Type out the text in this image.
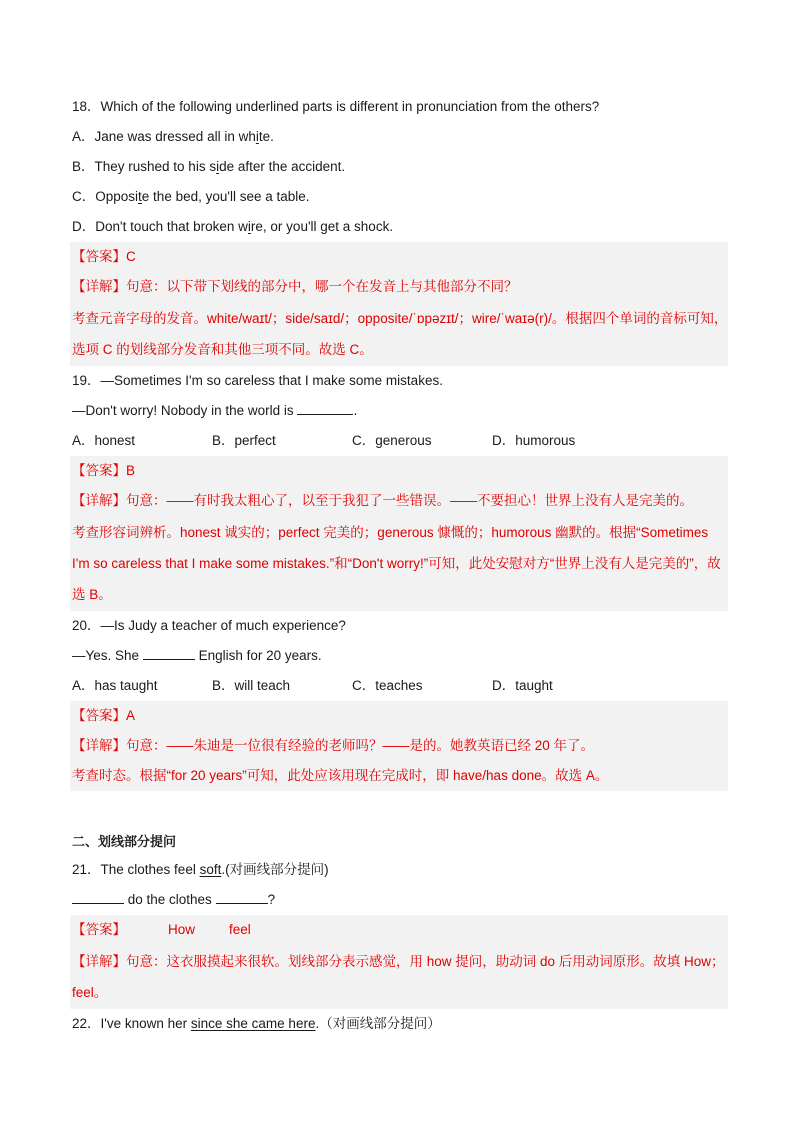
18．Which of the following underlined parts is different in pronunciation from the others?
A．Jane was dressed all in white.
B．They rushed to his side after the accident.
C．Opposite the bed, you'll see a table.
D．Don't touch that broken wire, or you'll get a shock.
【答案】C
【详解】句意：以下带下划线的部分中，哪一个在发音上与其他部分不同？
考查元音字母的发音。white/waɪt/；side/saɪd/；opposite/ˈɒpəzɪt/；wire/ˈwaɪə(r)/。根据四个单词的音标可知，选项 C 的划线部分发音和其他三项不同。故选 C。
19．—Sometimes I'm so careless that I make some mistakes.
—Don't worry! Nobody in the world is	.
A．honest	B．perfect	C．generous	D．humorous
【答案】B
【详解】句意：——有时我太粗心了，以至于我犯了一些错误。——不要担心！世界上没有人是完美的。
考查形容词辨析。honest 诚实的；perfect 完美的；generous 慷慨的；humorous 幽默的。根据“Sometimes I'm so careless that I make some mistakes.”和“Don't worry!”可知，此处安慰对方“世界上没有人是完美的”，故选 B。
20．—Is Judy a teacher of much experience?
—Yes. She	English for 20 years.
A．has taught	B．will teach	C．teaches	D．taught
【答案】A
【详解】句意：——朱迪是一位很有经验的老师吗？——是的。她教英语已经 20 年了。
考查时态。根据“for 20 years”可知，此处应该用现在完成时，即 have/has done。故选 A。
二、划线部分提问
21．The clothes feel soft.(对画线部分提问)
do the clothes	?
【答案】	How	feel
【详解】句意：这衣服摸起来很软。划线部分表示感觉，用 how 提问，助动词 do 后用动词原形。故填 How；feel。
22．I've known her since she came here.（对画线部分提问）
